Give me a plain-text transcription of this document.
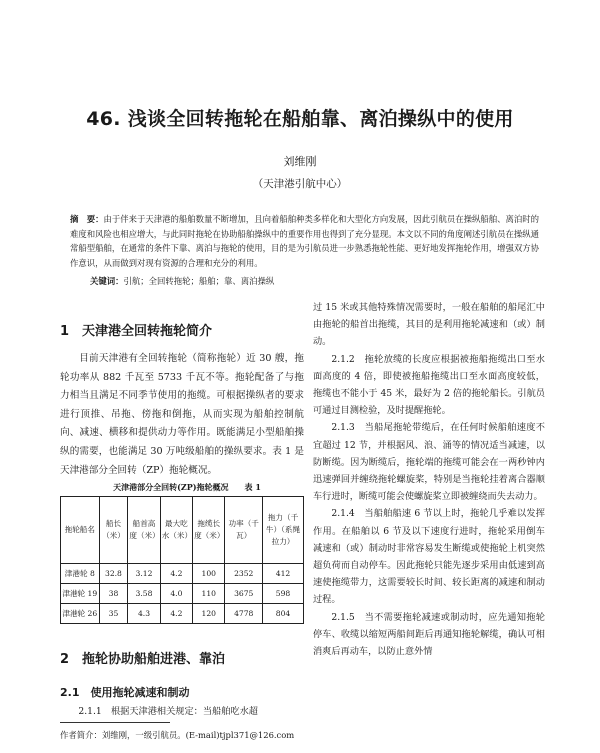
46. 浅谈全回转拖轮在船舶靠、离泊操纵中的使用
刘维刚
（天津港引航中心）
摘　要：由于伴来于天津港的船舶数量不断增加，且向着船舶种类多样化和大型化方向发展，因此引航员在操纵船舶、离泊时的难度和风险也相应增大，与此同时拖轮在协助船舶操纵中的重要作用也得到了充分显现。本文以不同的角度阐述引航员在操纵通常船型船舶，在通常的条件下靠、离泊与拖轮的使用，目的是为引航员进一步熟悉拖轮性能、更好地发挥拖轮作用，增强双方协作意识，从而做到对现有资源的合理和充分的利用。
关键词：引航；全回转拖轮；船舶；靠、离泊操纵
1　天津港全回转拖轮简介

目前天津港有全回转拖轮（简称拖轮）近 30 艘，拖轮功率从 882 千瓦至 5733 千瓦不等。拖轮配备了与拖力相当且满足不同季节使用的拖缆。可根据操纵者的要求进行顶推、吊拖、傍拖和倒拖，从而实现为船舶控制航向、减速、横移和提供动力等作用。既能满足小型船舶操纵的需要，也能满足 30 万吨级船舶的操纵要求。表 1 是天津港部分全回转（ZP）拖轮概况。

天津港部分全回转(ZP)拖轮概况　　表 1
拖轮船名	船长（米）	船首高度（米）	最大吃水（米）	拖缆长度（米）	功率（千瓦）	拖力（千牛）（系绳拉力）
津港轮 8	32.8	3.12	4.2	100	2352	412
津港轮 19	38	3.58	4.0	110	3675	598
津港轮 26	35	4.3	4.2	120	4778	804
2　拖轮协助船舶进港、靠泊
2.1　使用拖轮减速和制动

2.1.1　根据天津港相关规定：当船舶吃水超

过 15 米或其他特殊情况需要时，一般在船舶的船尾汇中由拖轮的船首出拖缆，其目的是利用拖轮减速和（或）制动。

2.1.2　拖轮放缆的长度应根据被拖船拖缆出口至水面高度的 4 倍，即使被拖船拖缆出口至水面高度较低，拖缆也不能小于 45 米，最好为 2 倍的拖轮船长。引航员可通过目测检验，及时提醒拖轮。

2.1.3　当船尾拖轮带缆后，在任何时候船舶速度不宜超过 12 节，并根据风、浪、涌等的情况适当减速，以防断缆。因为断缆后，拖轮端的拖缆可能会在一两秒钟内迅速弹回并缠绕拖轮螺旋桨，特别是当拖轮挂着离合器顺车行进时，断缆可能会使螺旋桨立即被缠绕而失去动力。

2.1.4　当船舶船速 6 节以上时，拖轮几乎难以发挥作用。在船舶以 6 节及以下速度行进时，拖轮采用倒车减速和（或）制动时非常容易发生断缆或使拖轮上机突然超负荷而自动停车。因此拖轮只能先逐步采用由低速到高速使拖缆带力，这需要较长时间、较长距离的减速和制动过程。

2.1.5　当不需要拖轮减速或制动时，应先通知拖轮停车、收缆以缩短两船间距后再通知拖轮解缆，确认可相消爽后再动车，以防止意外情

作者简介：刘维刚，一级引航员。(E-mail)tjpl371@126.com
